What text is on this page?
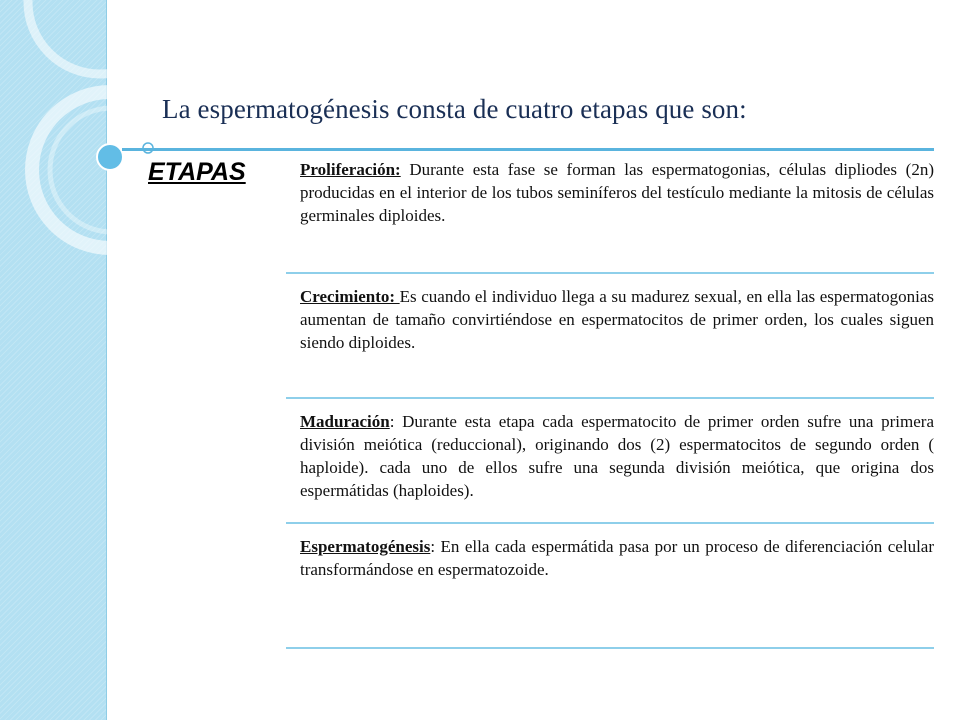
La espermatogénesis consta de cuatro etapas que son:
ETAPAS	Proliferación: Durante esta fase se forman las espermatogonias, células dipliodes (2n) producidas en el interior de los tubos seminíferos del testículo mediante la mitosis de células germinales diploides.
Crecimiento: Es cuando el individuo llega a su madurez sexual, en ella las espermatogonias aumentan de tamaño convirtiéndose en espermatocitos de primer orden, los cuales siguen siendo diploides.
Maduración: Durante esta etapa cada espermatocito de primer orden sufre una primera división meiótica (reduccional), originando dos (2) espermatocitos de segundo orden ( haploide). cada uno de ellos sufre una segunda división meiótica, que origina dos espermátidas (haploides).
Espermatogénesis: En ella cada espermátida pasa por un proceso de diferenciación celular transformándose en espermatozoide.
